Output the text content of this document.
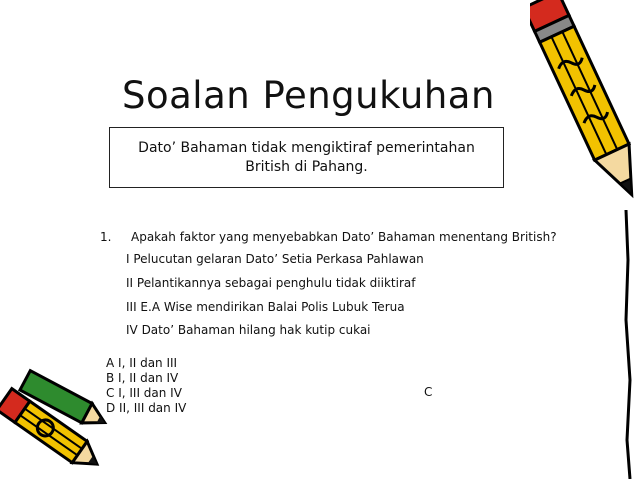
Soalan Pengukuhan
Dato’ Bahaman tidak mengiktiraf pemerintahan
British di Pahang.
1. Apakah faktor yang menyebabkan Dato’ Bahaman menentang British?
I Pelucutan gelaran Dato’ Setia Perkasa Pahlawan
II Pelantikannya sebagai penghulu tidak diiktiraf
III E.A Wise mendirikan Balai Polis Lubuk Terua
IV Dato’ Bahaman hilang hak kutip cukai
A I, II dan III
B I, II dan IV
C I, III dan IV
D II, III dan IV
C
